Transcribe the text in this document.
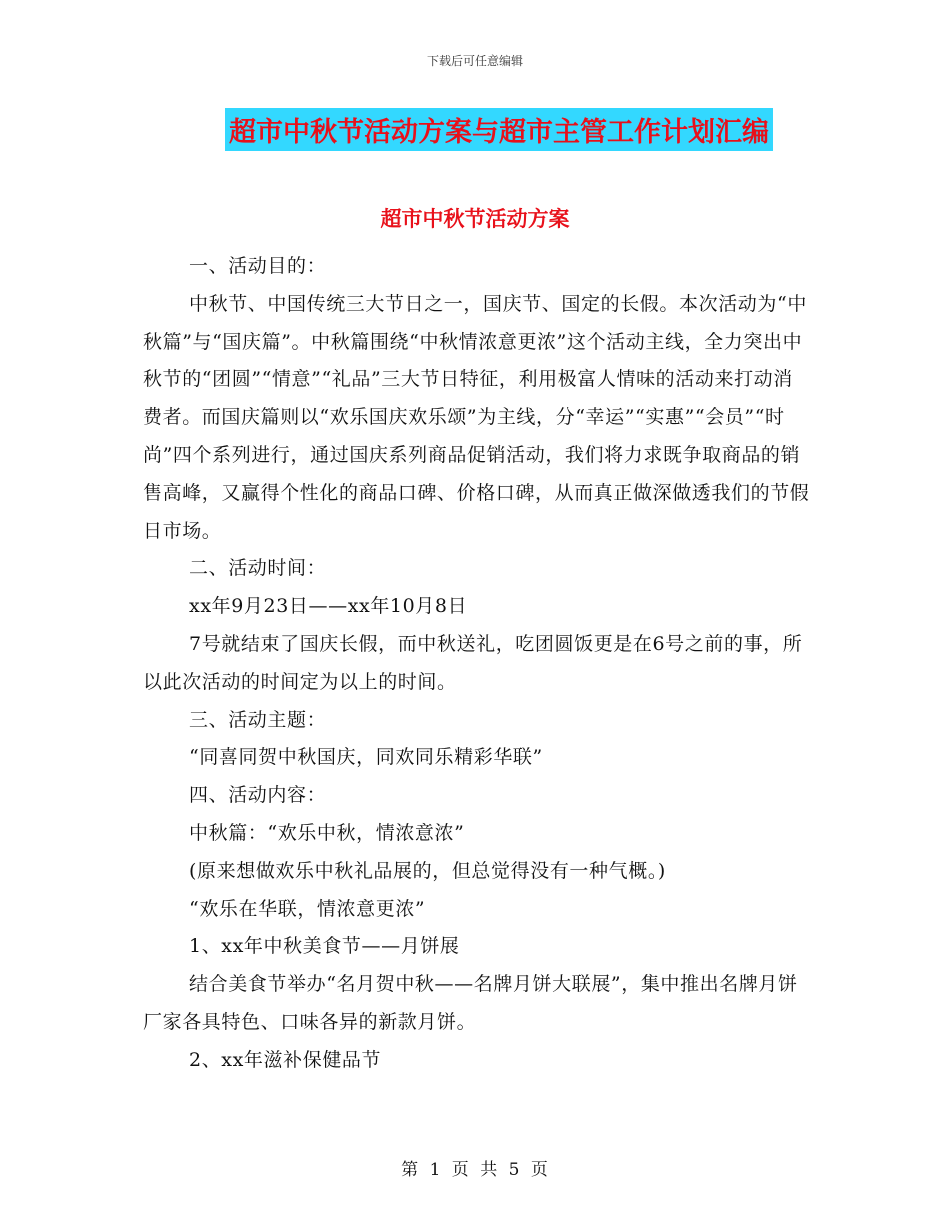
下载后可任意编辑
超市中秋节活动方案与超市主管工作计划汇编
超市中秋节活动方案

一、活动目的：

中秋节、中国传统三大节日之一，国庆节、国定的长假。本次活动为“中秋篇”与“国庆篇”。中秋篇围绕“中秋情浓意更浓”这个活动主线，全力突出中秋节的“团圆”“情意”“礼品”三大节日特征，利用极富人情味的活动来打动消费者。而国庆篇则以“欢乐国庆欢乐颂”为主线，分“幸运”“实惠”“会员”“时尚”四个系列进行，通过国庆系列商品促销活动，我们将力求既争取商品的销售高峰，又赢得个性化的商品口碑、价格口碑，从而真正做深做透我们的节假日市场。

二、活动时间：

xx年9月23日——xx年10月8日

7号就结束了国庆长假，而中秋送礼，吃团圆饭更是在6号之前的事，所以此次活动的时间定为以上的时间。

三、活动主题：

“同喜同贺中秋国庆，同欢同乐精彩华联”

四、活动内容：

中秋篇：“欢乐中秋，情浓意浓”

(原来想做欢乐中秋礼品展的，但总觉得没有一种气概。)

“欢乐在华联，情浓意更浓”

1、xx年中秋美食节——月饼展

结合美食节举办“名月贺中秋——名牌月饼大联展”，集中推出名牌月饼厂家各具特色、口味各异的新款月饼。

2、xx年滋补保健品节

第 1 页 共 5 页
